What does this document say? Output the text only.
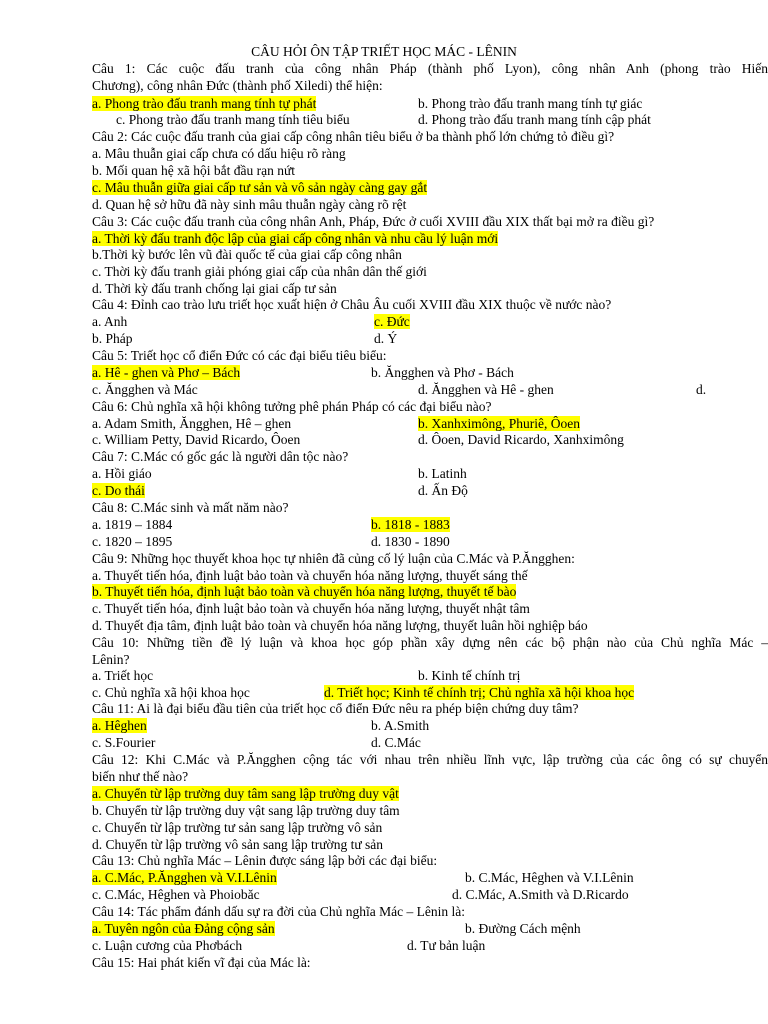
CÂU HỎI ÔN TẬP TRIẾT HỌC MÁC - LÊNIN
Câu 1: Các cuộc đấu tranh của công nhân Pháp (thành phố Lyon), công nhân Anh (phong trào Hiến
Chương), công nhân Đức (thành phố Xiledi) thể hiện:
a. Phong trào đấu tranh mang tính tự phát	b. Phong trào đấu tranh mang tính tự giác
c. Phong trào đấu tranh mang tính tiêu biểu	d. Phong trào đấu tranh mang tính cập phát
Câu 2: Các cuộc đấu tranh của giai cấp công nhân tiêu biểu ở ba thành phố lớn chứng tỏ điều gì?
a. Mâu thuẫn giai cấp chưa có dấu hiệu rõ ràng
b. Mối quan hệ xã hội bắt đầu rạn nứt
c. Mâu thuẫn giữa giai cấp tư sản và vô sản ngày càng gay gắt
d. Quan hệ sở hữu đã này sinh mâu thuẫn ngày càng rõ rệt
Câu 3: Các cuộc đấu tranh của công nhân Anh, Pháp, Đức ở cuối XVIII đầu XIX thất bại mở ra điều gì?
a. Thời kỳ đấu tranh độc lập của giai cấp công nhân và nhu cầu lý luận mới
b.Thời kỳ bước lên vũ đài quốc tế của giai cấp công nhân
c. Thời kỳ đấu tranh giải phóng giai cấp của nhân dân thế giới
d. Thời kỳ đấu tranh chống lại giai cấp tư sản
Câu 4: Đỉnh cao trào lưu triết học xuất hiện ở Châu Âu cuối XVIII đầu XIX thuộc về nước nào?
a. Anh	c. Đức
b. Pháp	d. Ý
Câu 5: Triết học cổ điển Đức có các đại biểu tiêu biểu:
a. Hê - ghen và Phơ – Bách	b. Ăngghen và Phơ - Bách
c. Ăngghen và Mác	d. Ăngghen và Hê - ghen	d.
Câu 6: Chủ nghĩa xã hội không tưởng phê phán Pháp có các đại biểu nào?
a. Adam Smith, Ăngghen, Hê – ghen	b. Xanhximông, Phuriê, Ôoen
c. William Petty, David Ricardo, Ôoen	d. Ôoen, David Ricardo, Xanhximông
Câu 7: C.Mác có gốc gác là người dân tộc nào?
a. Hồi giáo	b. Latinh
c. Do thái	d. Ấn Độ
Câu 8: C.Mác sinh và mất năm nào?
a. 1819 – 1884	b. 1818 - 1883
c. 1820 – 1895	d. 1830 - 1890
Câu 9: Những học thuyết khoa học tự nhiên đã củng cố lý luận của C.Mác và P.Ăngghen:
a. Thuyết tiến hóa, định luật bảo toàn và chuyển hóa năng lượng, thuyết sáng thế
b. Thuyết tiến hóa, định luật bảo toàn và chuyển hóa năng lượng, thuyết tế bào
c. Thuyết tiến hóa, định luật bảo toàn và chuyển hóa năng lượng, thuyết nhật tâm
d. Thuyết địa tâm, định luật bảo toàn và chuyển hóa năng lượng, thuyết luân hồi nghiệp báo
Câu 10: Những tiền đề lý luận và khoa học góp phần xây dựng nên các bộ phận nào của Chủ nghĩa Mác –
Lênin?
a. Triết học	b. Kinh tế chính trị
c. Chủ nghĩa xã hội khoa học	d. Triết học; Kinh tế chính trị; Chủ nghĩa xã hội khoa học
Câu 11: Ai là đại biểu đầu tiên của triết học cổ điển Đức nêu ra phép biện chứng duy tâm?
a. Hêghen	b. A.Smith
c. S.Fourier	d. C.Mác
Câu 12: Khi C.Mác và P.Ăngghen cộng tác với nhau trên nhiều lĩnh vực, lập trường của các ông có sự chuyển
biến như thế nào?
a. Chuyển từ lập trường duy tâm sang lập trường duy vật
b. Chuyển từ lập trường duy vật sang lập trường duy tâm
c. Chuyển từ lập trường tư sản sang lập trường vô sản
d. Chuyển từ lập trường vô sản sang lập trường tư sản
Câu 13: Chủ nghĩa Mác – Lênin được sáng lập bởi các đại biểu:
a. C.Mác, P.Ăngghen và V.I.Lênin	b. C.Mác, Hêghen và V.I.Lênin
c. C.Mác, Hêghen và Phoiobăc	d. C.Mác, A.Smith và D.Ricardo
Câu 14: Tác phẩm đánh dấu sự ra đời của Chủ nghĩa Mác – Lênin là:
a. Tuyên ngôn của Đảng cộng sản	b. Đường Cách mệnh
c. Luận cương của Phơbách	d. Tư bản luận
Câu 15: Hai phát kiến vĩ đại của Mác là:
